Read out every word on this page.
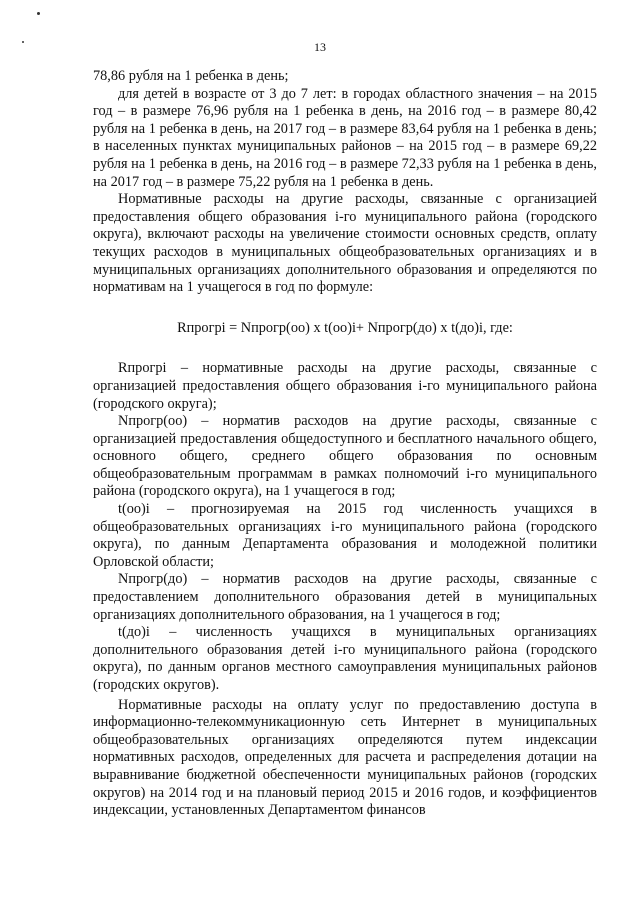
13

78,86 рубля на 1 ребенка в день;

для детей в возрасте от 3 до 7 лет: в городах областного значения – на 2015 год – в размере 76,96 рубля на 1 ребенка в день, на 2016 год – в размере 80,42 рубля на 1 ребенка в день, на 2017 год – в размере 83,64 рубля на 1 ребенка в день; в населенных пунктах муниципальных районов – на 2015 год – в размере 69,22 рубля на 1 ребенка в день, на 2016 год – в размере 72,33 рубля на 1 ребенка в день, на 2017 год – в размере 75,22 рубля на 1 ребенка в день.

Нормативные расходы на другие расходы, связанные с организацией предоставления общего образования i-го муниципального района (городского округа), включают расходы на увеличение стоимости основных средств, оплату текущих расходов в муниципальных общеобразовательных организациях и в муниципальных организациях дополнительного образования и определяются по нормативам на 1 учащегося в год по формуле:

Rпрогрi = Nпрогр(оо) x t(оо)i+ Nпрогр(до) x t(до)i, где:

Rпрогрi – нормативные расходы на другие расходы, связанные с организацией предоставления общего образования i-го муниципального района (городского округа);

Nпрогр(оо) – норматив расходов на другие расходы, связанные с организацией предоставления общедоступного и бесплатного начального общего, основного общего, среднего общего образования по основным общеобразовательным программам в рамках полномочий i-го муниципального района (городского округа), на 1 учащегося в год;

t(оо)i – прогнозируемая на 2015 год численность учащихся в общеобразовательных организациях i-го муниципального района (городского округа), по данным Департамента образования и молодежной политики Орловской области;

Nпрогр(до) – норматив расходов на другие расходы, связанные с предоставлением дополнительного образования детей в муниципальных организациях дополнительного образования, на 1 учащегося в год;

t(до)i – численность учащихся в муниципальных организациях дополнительного образования детей i-го муниципального района (городского округа), по данным органов местного самоуправления муниципальных районов (городских округов).

Нормативные расходы на оплату услуг по предоставлению доступа в информационно-телекоммуникационную сеть Интернет в муниципальных общеобразовательных организациях определяются путем индексации нормативных расходов, определенных для расчета и распределения дотации на выравнивание бюджетной обеспеченности муниципальных районов (городских округов) на 2014 год и на плановый период 2015 и 2016 годов, и коэффициентов индексации, установленных Департаментом финансов
